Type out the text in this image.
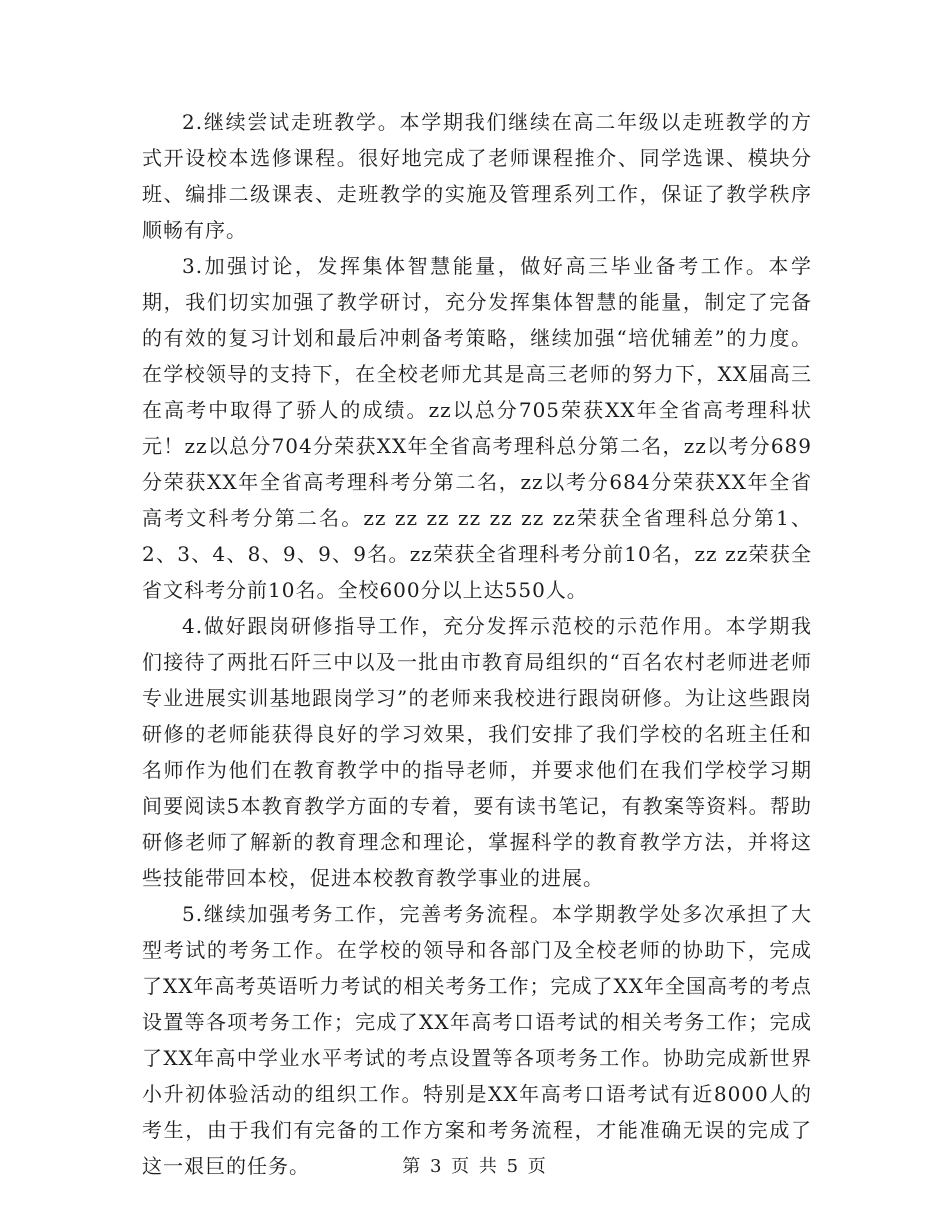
2.继续尝试走班教学。本学期我们继续在高二年级以走班教学的方式开设校本选修课程。很好地完成了老师课程推介、同学选课、模块分班、编排二级课表、走班教学的实施及管理系列工作，保证了教学秩序顺畅有序。

3.加强讨论，发挥集体智慧能量，做好高三毕业备考工作。本学期，我们切实加强了教学研讨，充分发挥集体智慧的能量，制定了完备的有效的复习计划和最后冲刺备考策略，继续加强“培优辅差”的力度。在学校领导的支持下，在全校老师尤其是高三老师的努力下，XX届高三在高考中取得了骄人的成绩。zz以总分705荣获XX年全省高考理科状元！zz以总分704分荣获XX年全省高考理科总分第二名，zz以考分689分荣获XX年全省高考理科考分第二名，zz以考分684分荣获XX年全省高考文科考分第二名。zz zz zz zz zz zz zz荣获全省理科总分第1、2、3、4、8、9、9、9名。zz荣获全省理科考分前10名，zz zz荣获全省文科考分前10名。全校600分以上达550人。

4.做好跟岗研修指导工作，充分发挥示范校的示范作用。本学期我们接待了两批石阡三中以及一批由市教育局组织的“百名农村老师进老师专业进展实训基地跟岗学习”的老师来我校进行跟岗研修。为让这些跟岗研修的老师能获得良好的学习效果，我们安排了我们学校的名班主任和名师作为他们在教育教学中的指导老师，并要求他们在我们学校学习期间要阅读5本教育教学方面的专着，要有读书笔记，有教案等资料。帮助研修老师了解新的教育理念和理论，掌握科学的教育教学方法，并将这些技能带回本校，促进本校教育教学事业的进展。

5.继续加强考务工作，完善考务流程。本学期教学处多次承担了大型考试的考务工作。在学校的领导和各部门及全校老师的协助下，完成了XX年高考英语听力考试的相关考务工作；完成了XX年全国高考的考点设置等各项考务工作；完成了XX年高考口语考试的相关考务工作；完成了XX年高中学业水平考试的考点设置等各项考务工作。协助完成新世界小升初体验活动的组织工作。特别是XX年高考口语考试有近8000人的考生，由于我们有完备的工作方案和考务流程，才能准确无误的完成了这一艰巨的任务。	第 3 页 共 5 页
